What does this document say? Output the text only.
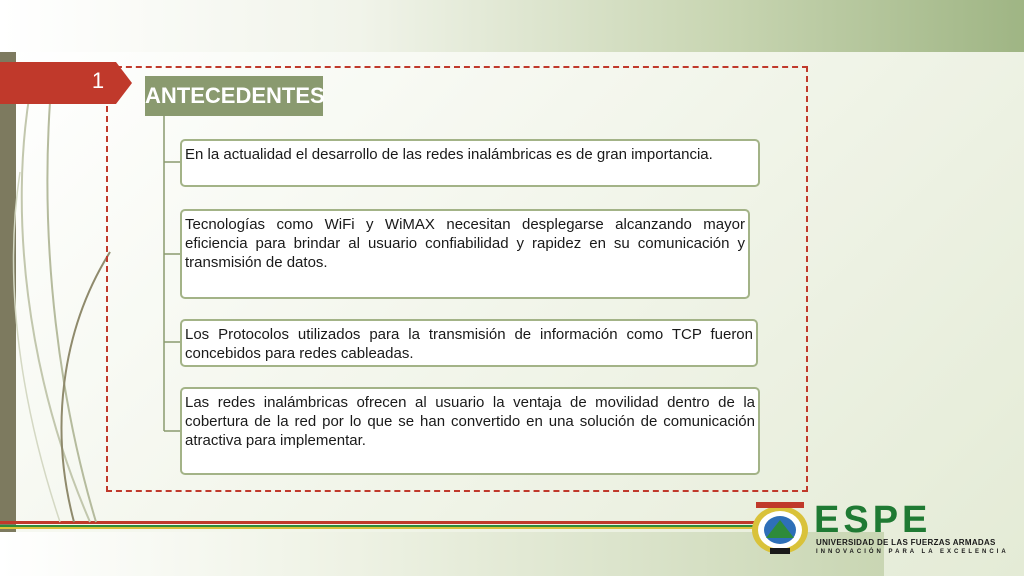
1
ANTECEDENTES
En la actualidad el desarrollo de las redes inalámbricas es de gran importancia.
Tecnologías como WiFi y WiMAX necesitan desplegarse alcanzando mayor eficiencia para brindar al usuario confiabilidad y rapidez en su comunicación y transmisión de datos.
Los Protocolos utilizados para la transmisión de información como TCP fueron concebidos para redes cableadas.
Las redes inalámbricas ofrecen al usuario la ventaja de movilidad dentro de la cobertura de la red por lo que se han convertido en una solución de comunicación atractiva para implementar.
ESPE
UNIVERSIDAD DE LAS FUERZAS ARMADAS
INNOVACIÓN PARA LA EXCELENCIA
